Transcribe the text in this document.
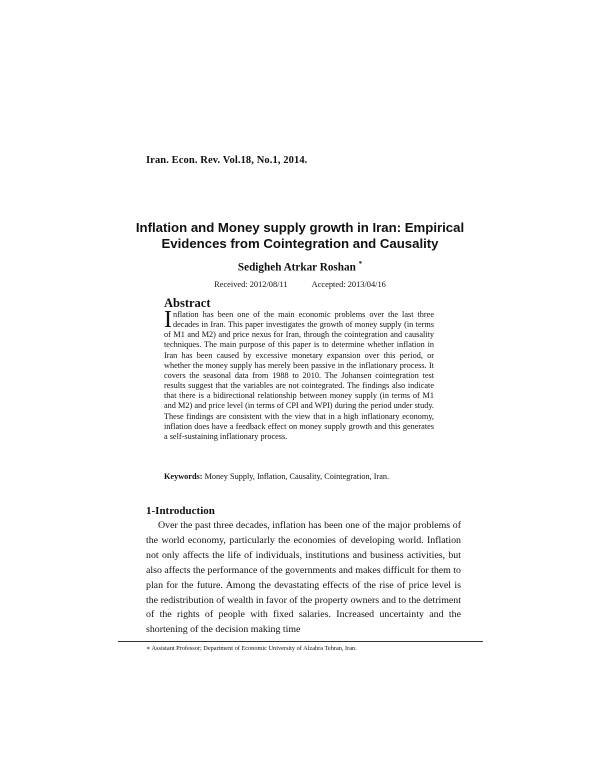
Iran. Econ. Rev. Vol.18, No.1, 2014.
Inflation and Money supply growth in Iran: Empirical
Evidences from Cointegration and Causality
Sedigheh Atrkar Roshan *
Received: 2012/08/11	Accepted: 2013/04/16
Abstract
Inflation has been one of the main economic problems over the last three decades in Iran. This paper investigates the growth of money supply (in terms of M1 and M2) and price nexus for Iran, through the cointegration and causality techniques. The main purpose of this paper is to determine whether inflation in Iran has been caused by excessive monetary expansion over this period, or whether the money supply has merely been passive in the inflationary process. It covers the seasonal data from 1988 to 2010. The Johansen cointegration test results suggest that the variables are not cointegrated. The findings also indicate that there is a bidirectional relationship between money supply (in terms of M1 and M2) and price level (in terms of CPI and WPI) during the period under study. These findings are consistent with the view that in a high inflationary economy, inflation does have a feedback effect on money supply growth and this generates a self-sustaining inflationary process.
Keywords: Money Supply, Inflation, Causality, Cointegration, Iran.
1-Introduction
Over the past three decades, inflation has been one of the major problems of the world economy, particularly the economies of developing world. Inflation not only affects the life of individuals, institutions and business activities, but also affects the performance of the governments and makes difficult for them to plan for the future. Among the devastating effects of the rise of price level is the redistribution of wealth in favor of the property owners and to the detriment of the rights of people with fixed salaries. Increased uncertainty and the shortening of the decision making time
∗ Assistant Professor; Department of Economic University of Alzahra Tehran, Iran.
